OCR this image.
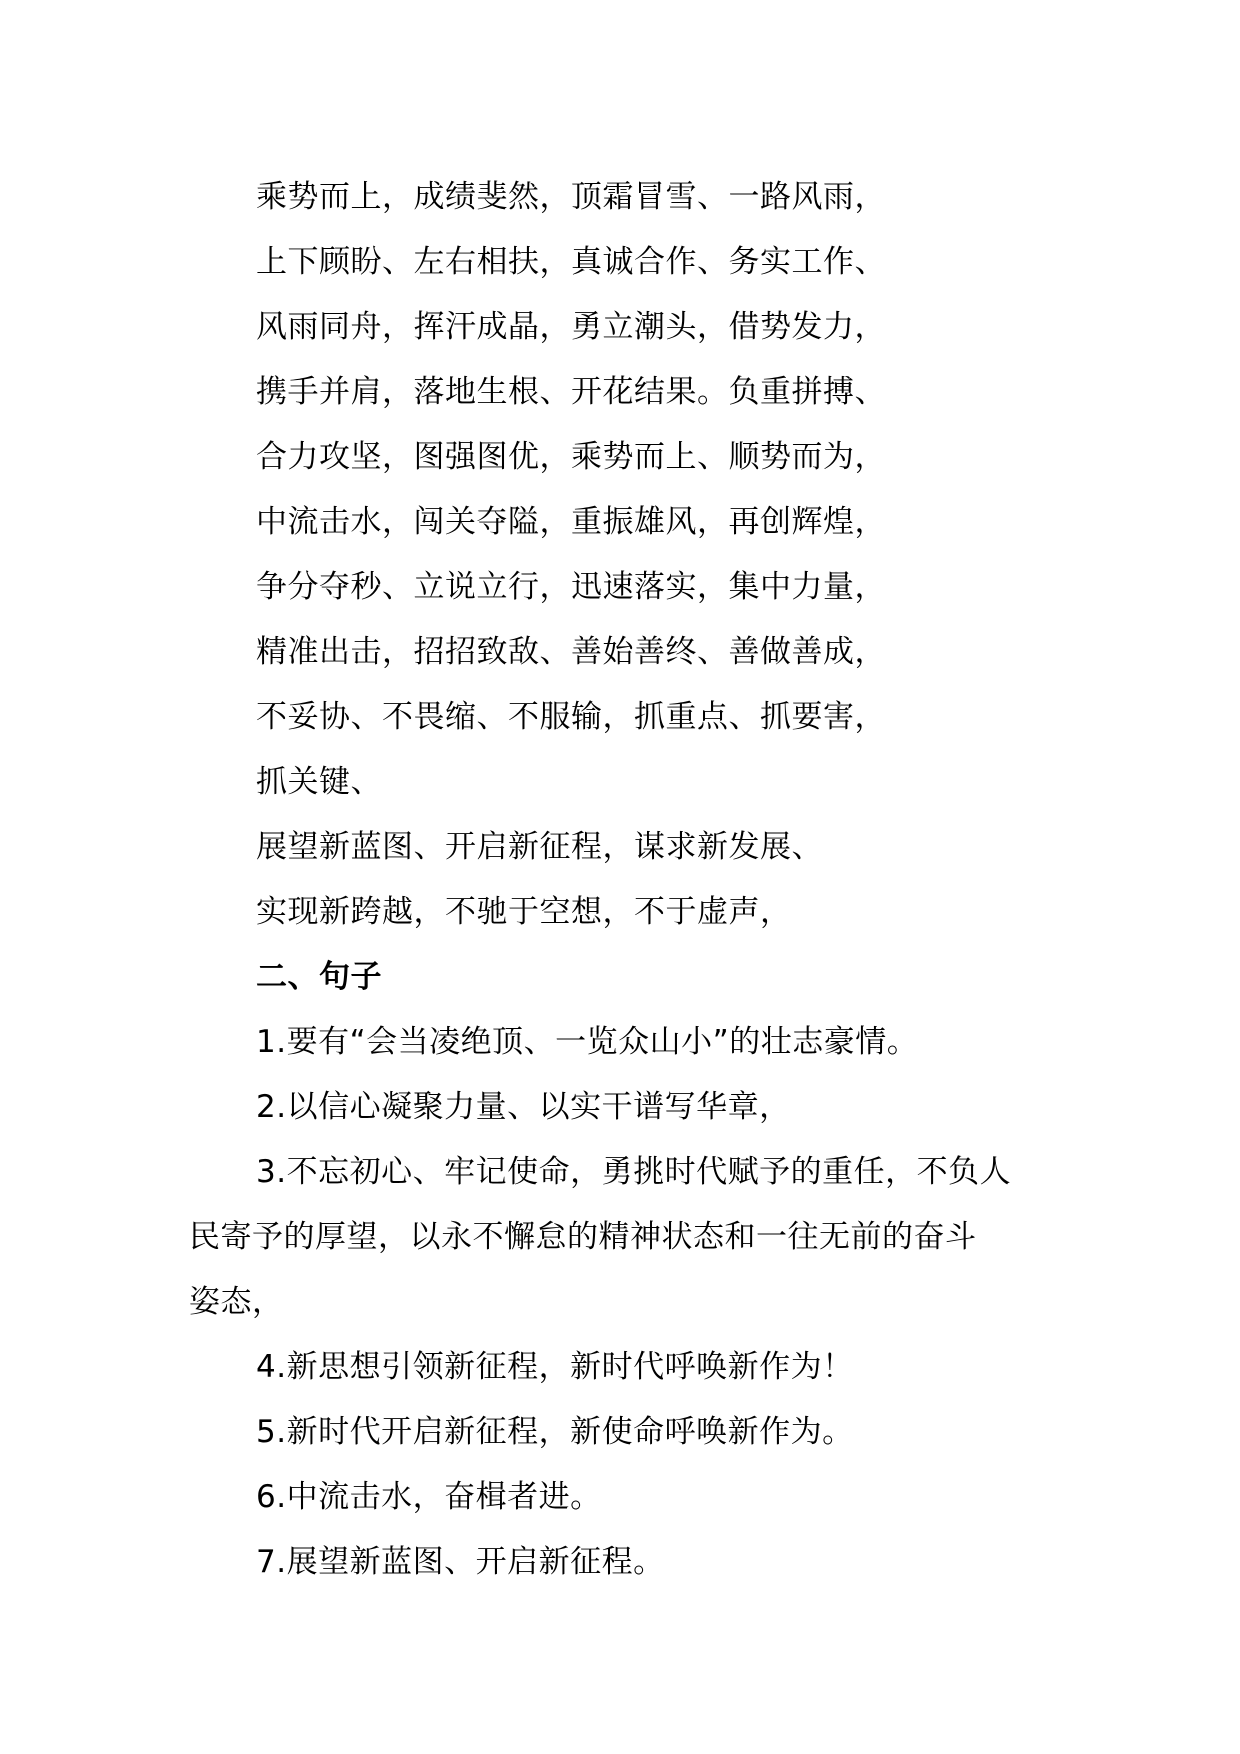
乘势而上，成绩斐然，顶霜冒雪、一路风雨，
上下顾盼、左右相扶，真诚合作、务实工作、
风雨同舟，挥汗成晶，勇立潮头，借势发力，
携手并肩，落地生根、开花结果。负重拼搏、
合力攻坚，图强图优，乘势而上、顺势而为，
中流击水，闯关夺隘，重振雄风，再创辉煌，
争分夺秒、立说立行，迅速落实，集中力量，
精准出击，招招致敌、善始善终、善做善成，
不妥协、不畏缩、不服输，抓重点、抓要害，
抓关键、
展望新蓝图、开启新征程，谋求新发展、
实现新跨越，不驰于空想，不于虚声，
二、句子
1.要有“会当凌绝顶、一览众山小”的壮志豪情。
2.以信心凝聚力量、以实干谱写华章，
3.不忘初心、牢记使命，勇挑时代赋予的重任，不负人
民寄予的厚望，以永不懈怠的精神状态和一往无前的奋斗
姿态，
4.新思想引领新征程，新时代呼唤新作为！
5.新时代开启新征程，新使命呼唤新作为。
6.中流击水，奋楫者进。
7.展望新蓝图、开启新征程。
